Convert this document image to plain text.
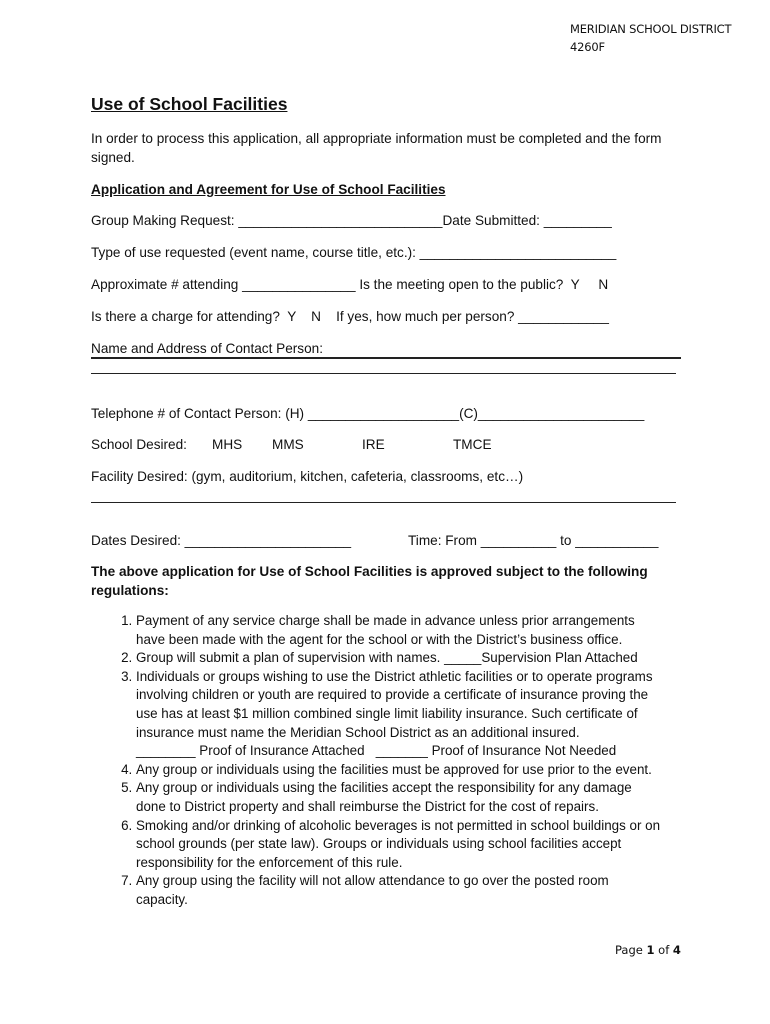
MERIDIAN SCHOOL DISTRICT
4260F
Use of School Facilities
In order to process this application, all appropriate information must be completed and the form
signed.
Application and Agreement for Use of School Facilities
Group Making Request: ___________________________Date Submitted: _________
Type of use requested (event name, course title, etc.): __________________________
Approximate # attending _______________ Is the meeting open to the public?  Y     N
Is there a charge for attending?  Y    N    If yes, how much per person? ____________
Name and Address of Contact Person:
Telephone # of Contact Person: (H) ____________________(C)______________________
School Desired: MHS MMS	IRE	TMCE
Facility Desired: (gym, auditorium, kitchen, cafeteria, classrooms, etc…)
Dates Desired: ______________________	Time: From __________ to ___________
The above application for Use of School Facilities is approved subject to the following
regulations:
1. Payment of any service charge shall be made in advance unless prior arrangements
have been made with the agent for the school or with the District’s business office.
2. Group will submit a plan of supervision with names. _____Supervision Plan Attached
3. Individuals or groups wishing to use the District athletic facilities or to operate programs
involving children or youth are required to provide a certificate of insurance proving the
use has at least $1 million combined single limit liability insurance. Such certificate of
insurance must name the Meridian School District as an additional insured.
________ Proof of Insurance Attached   _______ Proof of Insurance Not Needed
4. Any group or individuals using the facilities must be approved for use prior to the event.
5. Any group or individuals using the facilities accept the responsibility for any damage
done to District property and shall reimburse the District for the cost of repairs.
6. Smoking and/or drinking of alcoholic beverages is not permitted in school buildings or on
school grounds (per state law). Groups or individuals using school facilities accept
responsibility for the enforcement of this rule.
7. Any group using the facility will not allow attendance to go over the posted room
capacity.
Page 1 of 4
